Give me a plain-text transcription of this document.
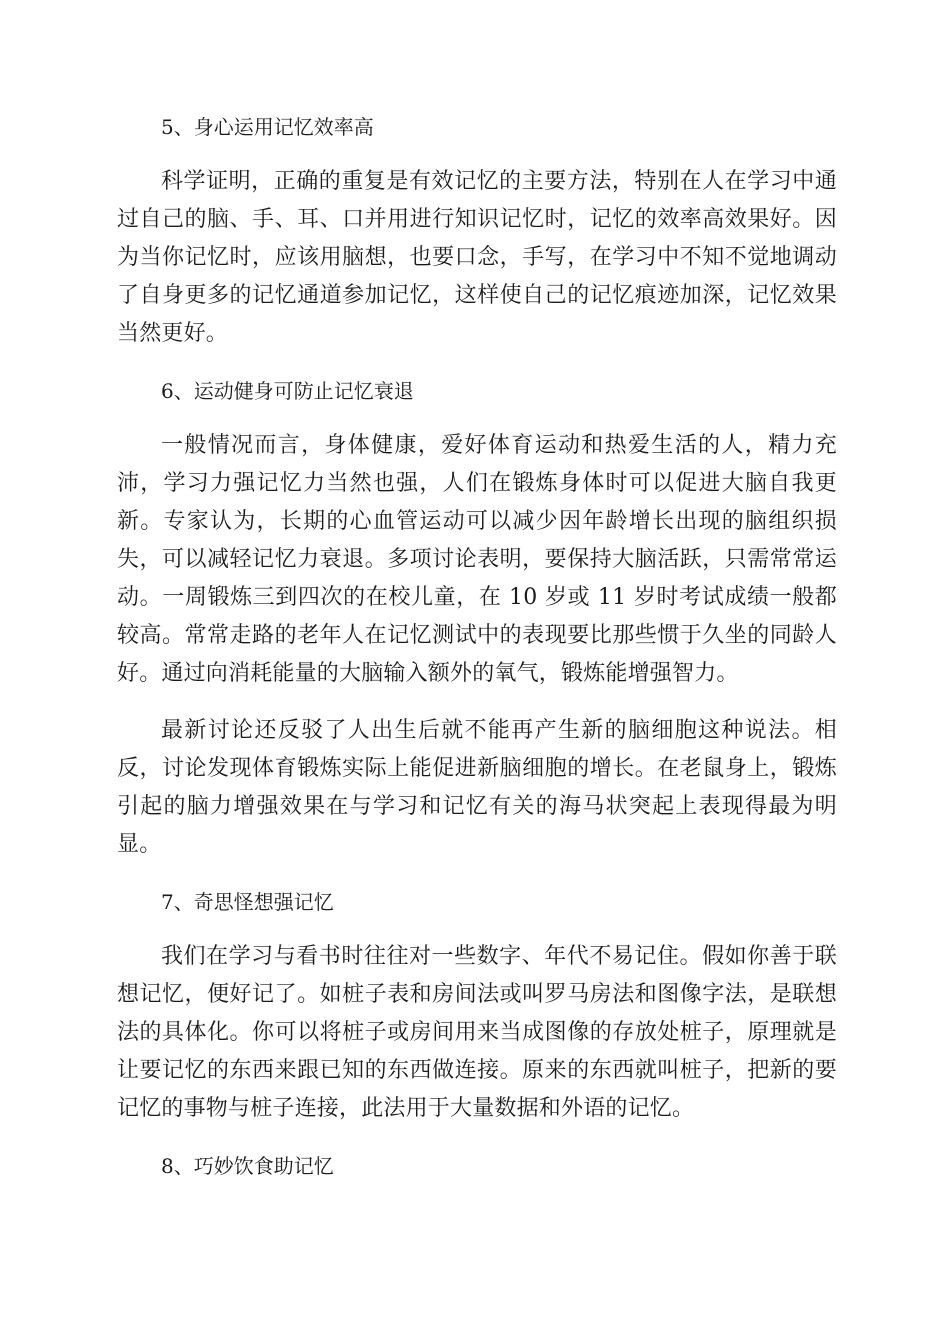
5、身心运用记忆效率高

科学证明，正确的重复是有效记忆的主要方法，特别在人在学习中通过自己的脑、手、耳、口并用进行知识记忆时，记忆的效率高效果好。因为当你记忆时，应该用脑想，也要口念，手写，在学习中不知不觉地调动了自身更多的记忆通道参加记忆，这样使自己的记忆痕迹加深，记忆效果当然更好。

6、运动健身可防止记忆衰退

一般情况而言，身体健康，爱好体育运动和热爱生活的人，精力充沛，学习力强记忆力当然也强，人们在锻炼身体时可以促进大脑自我更新。专家认为，长期的心血管运动可以减少因年龄增长出现的脑组织损失，可以减轻记忆力衰退。多项讨论表明，要保持大脑活跃，只需常常运动。一周锻炼三到四次的在校儿童，在 10 岁或 11 岁时考试成绩一般都较高。常常走路的老年人在记忆测试中的表现要比那些惯于久坐的同龄人好。通过向消耗能量的大脑输入额外的氧气，锻炼能增强智力。

最新讨论还反驳了人出生后就不能再产生新的脑细胞这种说法。相反，讨论发现体育锻炼实际上能促进新脑细胞的增长。在老鼠身上，锻炼引起的脑力增强效果在与学习和记忆有关的海马状突起上表现得最为明显。

7、奇思怪想强记忆

我们在学习与看书时往往对一些数字、年代不易记住。假如你善于联想记忆，便好记了。如桩子表和房间法或叫罗马房法和图像字法，是联想法的具体化。你可以将桩子或房间用来当成图像的存放处桩子，原理就是让要记忆的东西来跟已知的东西做连接。原来的东西就叫桩子，把新的要记忆的事物与桩子连接，此法用于大量数据和外语的记忆。

8、巧妙饮食助记忆
